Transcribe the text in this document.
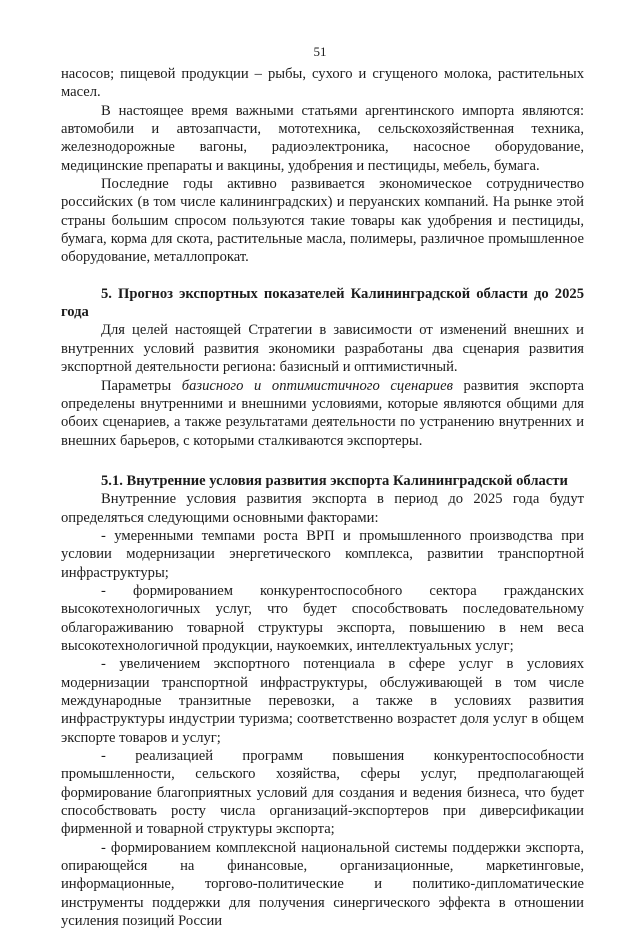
51

насосов; пищевой продукции – рыбы, сухого и сгущеного молока, растительных масел.

В настоящее время важными статьями аргентинского импорта являются: автомобили и автозапчасти, мототехника, сельскохозяйственная техника, железнодорожные вагоны, радиоэлектроника, насосное оборудование, медицинские препараты и вакцины, удобрения и пестициды, мебель, бумага.

Последние годы активно развивается экономическое сотрудничество российских (в том числе калининградских) и перуанских компаний. На рынке этой страны большим спросом пользуются такие товары как удобрения и пестициды, бумага, корма для скота, растительные масла, полимеры, различное промышленное оборудование, металлопрокат.

5. Прогноз экспортных показателей Калининградской области до 2025 года

Для целей настоящей Стратегии в зависимости от изменений внешних и внутренних условий развития экономики разработаны два сценария развития экспортной деятельности региона: базисный и оптимистичный.

Параметры базисного и оптимистичного сценариев развития экспорта определены внутренними и внешними условиями, которые являются общими для обоих сценариев, а также результатами деятельности по устранению внутренних и внешних барьеров, с которыми сталкиваются экспортеры.

5.1. Внутренние условия развития экспорта Калининградской области

Внутренние условия развития экспорта в период до 2025 года будут определяться следующими основными факторами:

- умеренными темпами роста ВРП и промышленного производства при условии модернизации энергетического комплекса, развитии транспортной инфраструктуры;

- формированием конкурентоспособного сектора гражданских высокотехнологичных услуг, что будет способствовать последовательному облагораживанию товарной структуры экспорта, повышению в нем веса высокотехнологичной продукции, наукоемких, интеллектуальных услуг;

- увеличением экспортного потенциала в сфере услуг в условиях модернизации транспортной инфраструктуры, обслуживающей в том числе международные транзитные перевозки, а также в условиях развития инфраструктуры индустрии туризма; соответственно возрастет доля услуг в общем экспорте товаров и услуг;

- реализацией программ повышения конкурентоспособности промышленности, сельского хозяйства, сферы услуг, предполагающей формирование благоприятных условий для создания и ведения бизнеса, что будет способствовать росту числа организаций-экспортеров при диверсификации фирменной и товарной структуры экспорта;

- формированием комплексной национальной системы поддержки экспорта, опирающейся на финансовые, организационные, маркетинговые, информационные, торгово-политические и политико-дипломатические инструменты поддержки для получения синергического эффекта в отношении усиления позиций России
